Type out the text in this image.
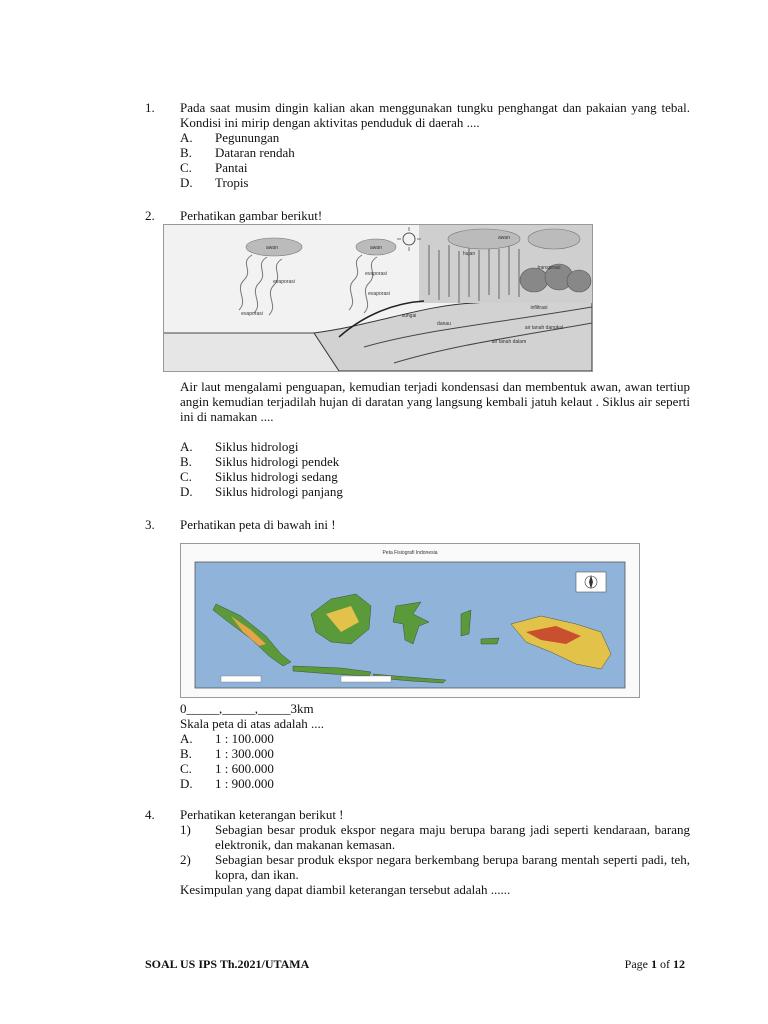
1. Pada saat musim dingin kalian akan menggunakan tungku penghangat dan pakaian yang tebal. Kondisi ini mirip dengan aktivitas penduduk di daerah ....
A.	Pegunungan
B.	Dataran rendah
C.	Pantai
D.	Tropis
2. Perhatikan gambar berikut!
awan	awan
awan
hujan
evaporasi
evaporasi
evaporasi
evaporasi
transpirasi
sungai
danau
infiltrasi
air tanah dangkal
air tanah dalam
Air laut mengalami penguapan, kemudian terjadi kondensasi dan membentuk awan, awan tertiup angin kemudian terjadilah hujan di daratan yang langsung kembali jatuh kelaut . Siklus air seperti ini di namakan ....
A.	Siklus hidrologi
B.	Siklus hidrologi pendek
C.	Siklus hidrologi sedang
D.	Siklus hidrologi panjang
3. Perhatikan peta di bawah ini !
Peta Fisiografi Indonesia
0_____,_____,_____3km
Skala peta di atas adalah ....
A.	1 : 100.000
B.	1 : 300.000
C.	1 : 600.000
D.	1 : 900.000
4. Perhatikan keterangan berikut !
1)	Sebagian besar produk ekspor negara maju berupa barang jadi seperti kendaraan, barang elektronik, dan makanan kemasan.
2)	Sebagian besar produk ekspor negara berkembang berupa barang mentah seperti padi, teh, kopra, dan ikan.
Kesimpulan yang dapat diambil keterangan tersebut adalah ......
SOAL US IPS Th.2021/UTAMA	Page 1 of 12
